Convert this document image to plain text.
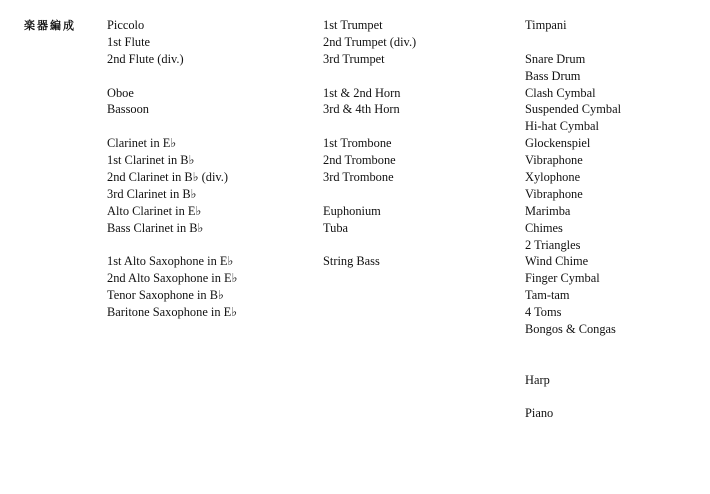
楽器編成	Piccolo
1st Flute
2nd Flute (div.)
Oboe
Bassoon
Clarinet in E♭
1st Clarinet in B♭
2nd Clarinet in B♭ (div.)
3rd Clarinet in B♭
Alto Clarinet in E♭
Bass Clarinet in B♭
1st Alto Saxophone in E♭
2nd Alto Saxophone in E♭
Tenor Saxophone in B♭
Baritone Saxophone in E♭
1st Trumpet
2nd Trumpet (div.)
3rd Trumpet
1st & 2nd Horn
3rd & 4th Horn
1st Trombone
2nd Trombone
3rd Trombone
Euphonium
Tuba
String Bass
Timpani
Snare Drum
Bass Drum
Clash Cymbal
Suspended Cymbal
Hi-hat Cymbal
Glockenspiel
Vibraphone
Xylophone
Vibraphone
Marimba
Chimes
2 Triangles
Wind Chime
Finger Cymbal
Tam-tam
4 Toms
Bongos & Congas
Harp
Piano
